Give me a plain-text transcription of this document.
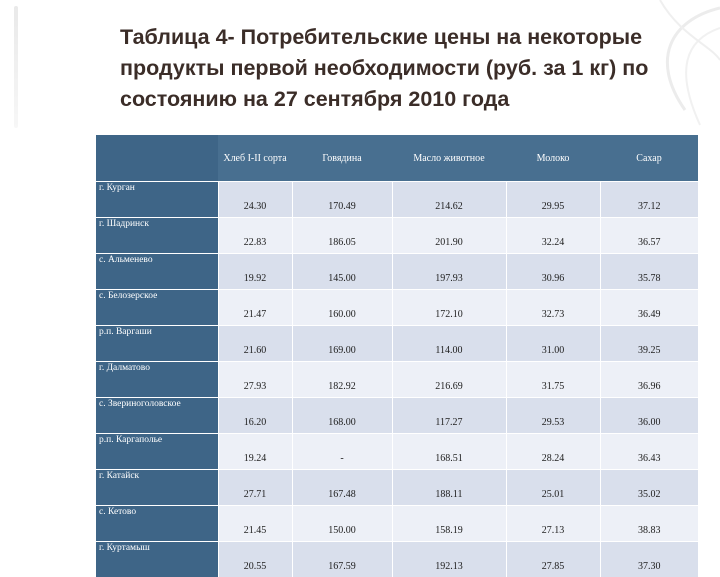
Таблица 4- Потребительские цены на некоторые продукты первой необходимости (руб. за 1 кг) по состоянию на 27 сентября 2010 года
	Хлеб I-II сорта	Говядина	Масло животное	Молоко	Сахар
г. Курган	24.30	170.49	214.62	29.95	37.12
г. Шадринск	22.83	186.05	201.90	32.24	36.57
с. Альменево	19.92	145.00	197.93	30.96	35.78
с. Белозерское	21.47	160.00	172.10	32.73	36.49
р.п. Варгаши	21.60	169.00	114.00	31.00	39.25
г. Далматово	27.93	182.92	216.69	31.75	36.96
с. Звериноголовское	16.20	168.00	117.27	29.53	36.00
р.п. Каргаполье	19.24	-	168.51	28.24	36.43
г. Катайск	27.71	167.48	188.11	25.01	35.02
с. Кетово	21.45	150.00	158.19	27.13	38.83
г. Куртамыш	20.55	167.59	192.13	27.85	37.30
